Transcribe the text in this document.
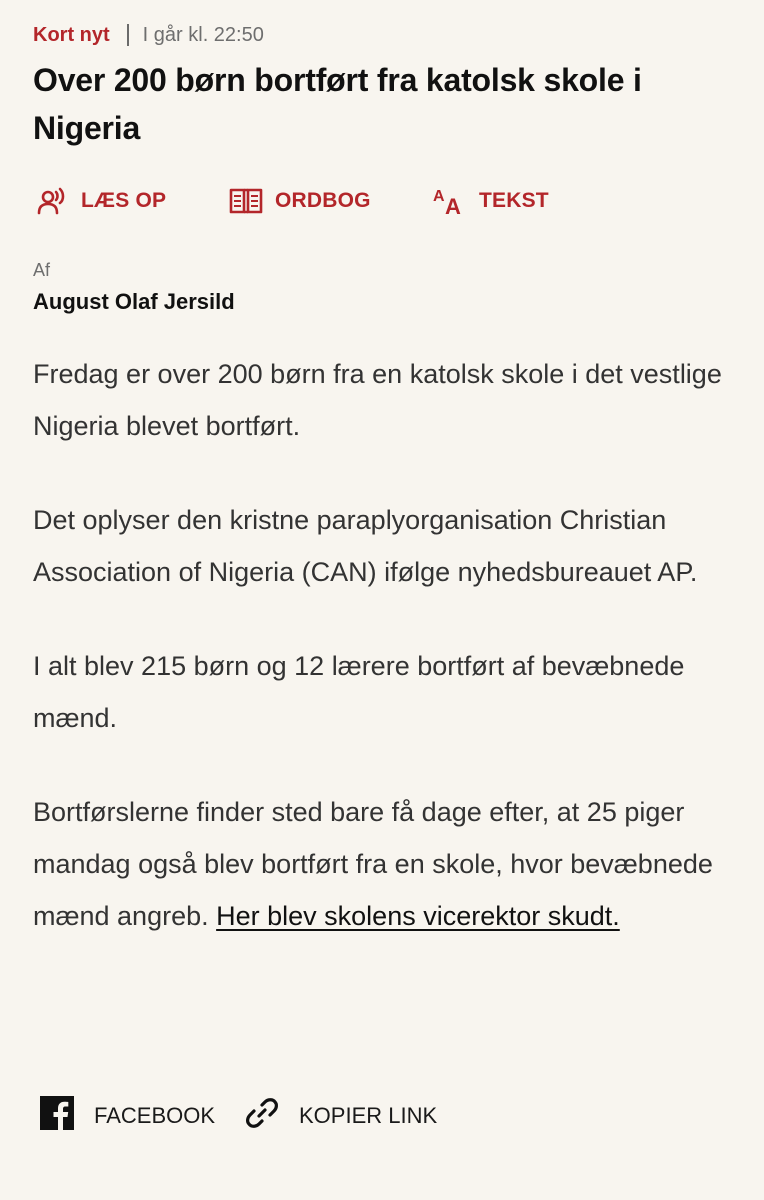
Kort nyt I går kl. 22:50
Over 200 børn bortført fra katolsk skole i Nigeria
LÆS OP	ORDBOG	A A TEKST
Af
August Olaf Jersild

Fredag er over 200 børn fra en katolsk skole i det vestlige Nigeria blevet bortført.

Det oplyser den kristne paraplyorganisation Christian Association of Nigeria (CAN) ifølge nyhedsbureauet AP.

I alt blev 215 børn og 12 lærere bortført af bevæbnede mænd.

Bortførslerne finder sted bare få dage efter, at 25 piger mandag også blev bortført fra en skole, hvor bevæbnede mænd angreb. Her blev skolens vicerektor skudt.

FACEBOOK	KOPIER LINK
